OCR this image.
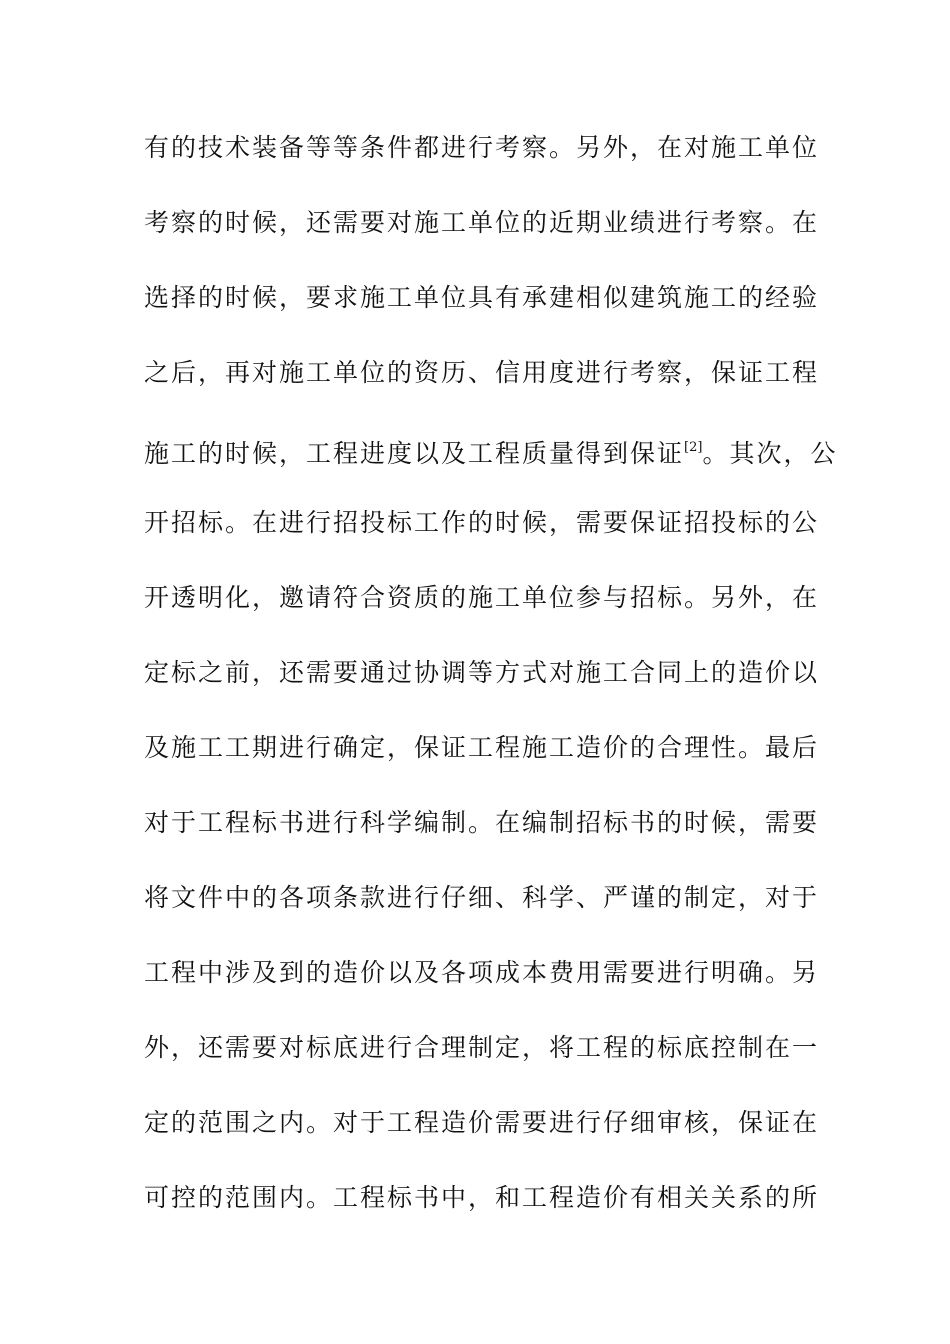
有的技术装备等等条件都进行考察。另外，在对施工单位
考察的时候，还需要对施工单位的近期业绩进行考察。在
选择的时候，要求施工单位具有承建相似建筑施工的经验
之后，再对施工单位的资历、信用度进行考察，保证工程
施工的时候，工程进度以及工程质量得到保证[2]。其次，公
开招标。在进行招投标工作的时候，需要保证招投标的公
开透明化，邀请符合资质的施工单位参与招标。另外，在
定标之前，还需要通过协调等方式对施工合同上的造价以
及施工工期进行确定，保证工程施工造价的合理性。最后
对于工程标书进行科学编制。在编制招标书的时候，需要
将文件中的各项条款进行仔细、科学、严谨的制定，对于
工程中涉及到的造价以及各项成本费用需要进行明确。另
外，还需要对标底进行合理制定，将工程的标底控制在一
定的范围之内。对于工程造价需要进行仔细审核，保证在
可控的范围内。工程标书中，和工程造价有相关关系的所
